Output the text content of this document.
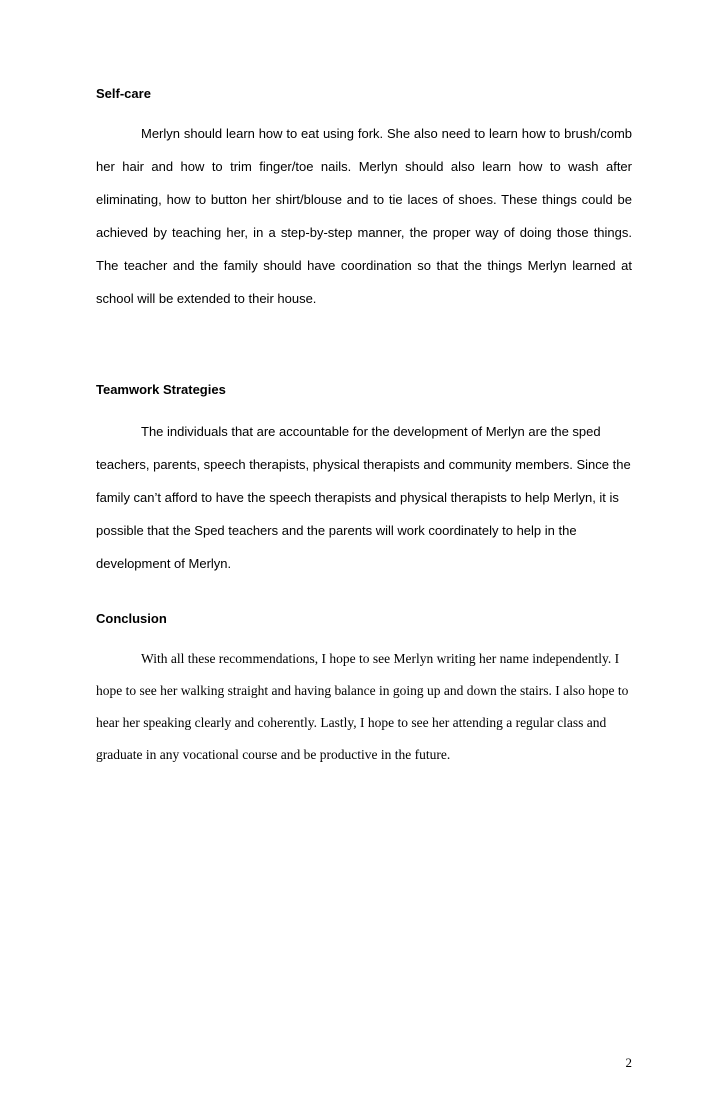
Self-care

Merlyn should learn how to eat using fork. She also need to learn how to brush/comb her hair and how to trim finger/toe nails. Merlyn should also learn how to wash after eliminating, how to button her shirt/blouse and to tie laces of shoes. These things could be achieved by teaching her, in a step-by-step manner, the proper way of doing those things. The teacher and the family should have coordination so that the things Merlyn learned at school will be extended to their house.

Teamwork Strategies

The individuals that are accountable for the development of Merlyn are the sped teachers, parents, speech therapists, physical therapists and community members. Since the family can’t afford to have the speech therapists and physical therapists to help Merlyn, it is possible that the Sped teachers and the parents will work coordinately to help in the development of Merlyn.

Conclusion

With all these recommendations, I hope to see Merlyn writing her name independently. I hope to see her walking straight and having balance in going up and down the stairs. I also hope to hear her speaking clearly and coherently. Lastly, I hope to see her attending a regular class and graduate in any vocational course and be productive in the future.

2
